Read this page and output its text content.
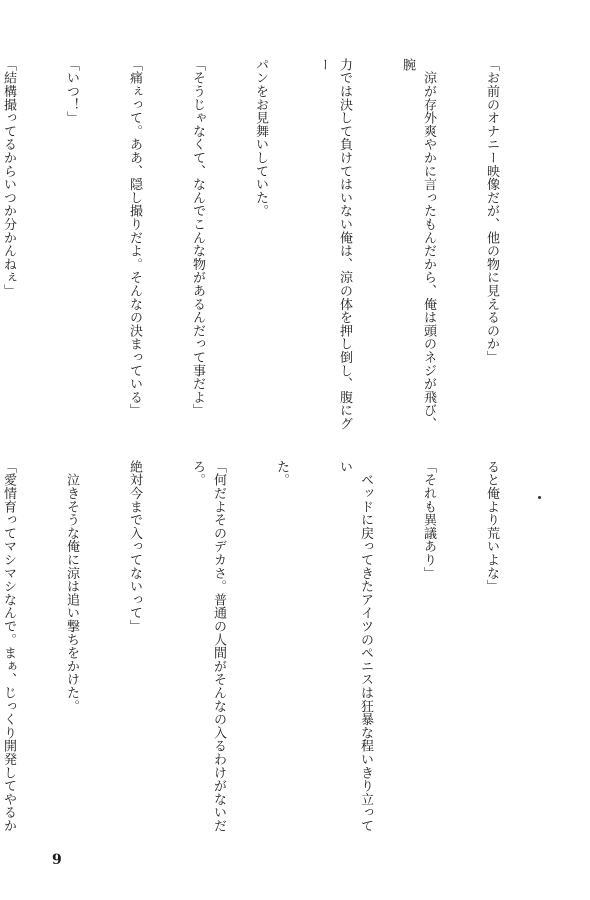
「お前のオナニー映像だが、他の物に見えるのか」

　涼が存外爽やかに言ったもんだから、俺は頭のネジが飛び、腕

力では決して負けてはいない俺は、涼の体を押し倒し、腹にグー

パンをお見舞いしていた。

「そうじゃなくて、なんでこんな物があるんだって事だよ」

「痛ぇって。ああ、隠し撮りだよ。そんなの決まっている」

「いつ！」

「結構撮ってるからいつか分かんねぇ」

ると俺より荒いよな」

「それも異議あり」

　ベッドに戻ってきたアイツのペニスは狂暴な程いきり立ってい

た。

「何だよそのデカさ。普通の人間がそんなの入るわけがないだろ。

絶対今まで入ってないって」

　泣きそうな俺に涼は追い撃ちをかけた。

「愛情育ってマシマシなんで。まぁ、じっくり開発してやるか

9
